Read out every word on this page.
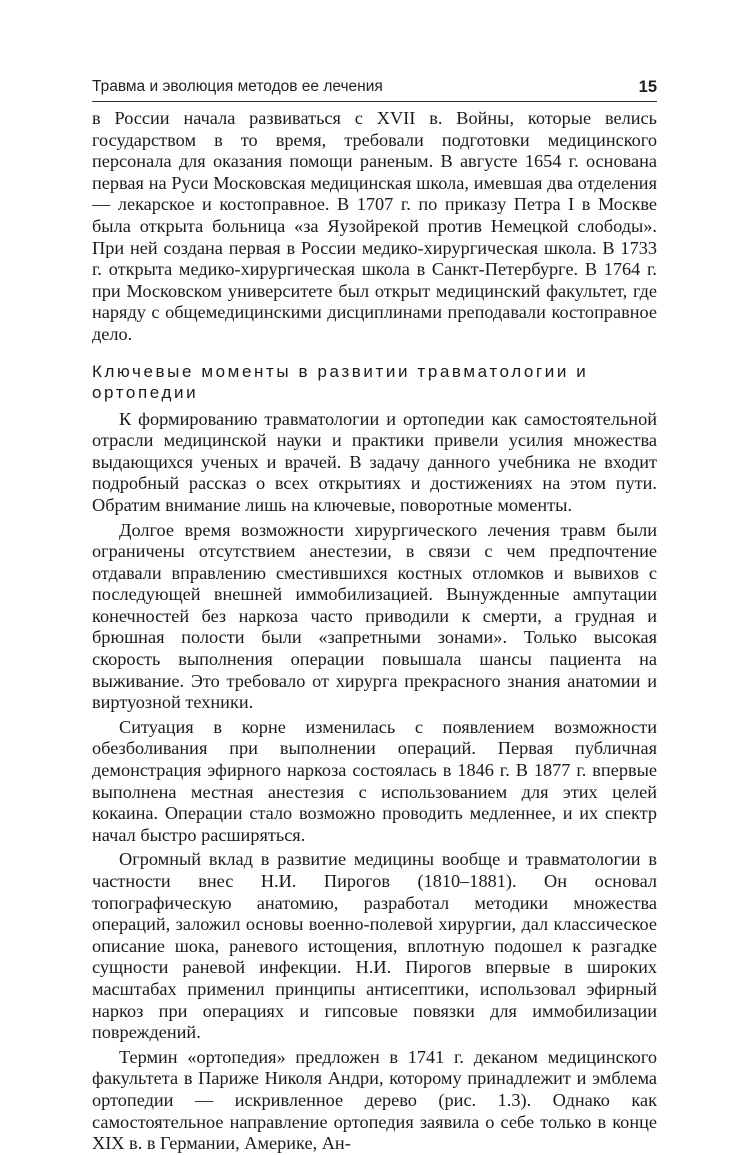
Травма и эволюция методов ее лечения	15

в России начала развиваться с XVII в. Войны, которые велись государством в то время, требовали подготовки медицинского персонала для оказания помощи раненым. В августе 1654 г. основана первая на Руси Московская медицинская школа, имевшая два отделения — лекарское и костоправное. В 1707 г. по приказу Петра I в Москве была открыта больница «за Яузойрекой против Немецкой слободы». При ней создана первая в России медико-хирургическая школа. В 1733 г. открыта медико-хирургическая школа в Санкт-Петербурге. В 1764 г. при Московском университете был открыт медицинский факультет, где наряду с общемедицинскими дисциплинами преподавали костоправное дело.

Ключевые моменты в развитии травматологии и ортопедии

К формированию травматологии и ортопедии как самостоятельной отрасли медицинской науки и практики привели усилия множества выдающихся ученых и врачей. В задачу данного учебника не входит подробный рассказ о всех открытиях и достижениях на этом пути. Обратим внимание лишь на ключевые, поворотные моменты.

Долгое время возможности хирургического лечения травм были ограничены отсутствием анестезии, в связи с чем предпочтение отдавали вправлению сместившихся костных отломков и вывихов с последующей внешней иммобилизацией. Вынужденные ампутации конечностей без наркоза часто приводили к смерти, а грудная и брюшная полости были «запретными зонами». Только высокая скорость выполнения операции повышала шансы пациента на выживание. Это требовало от хирурга прекрасного знания анатомии и виртуозной техники.

Ситуация в корне изменилась с появлением возможности обезболивания при выполнении операций. Первая публичная демонстрация эфирного наркоза состоялась в 1846 г. В 1877 г. впервые выполнена местная анестезия с использованием для этих целей кокаина. Операции стало возможно проводить медленнее, и их спектр начал быстро расширяться.

Огромный вклад в развитие медицины вообще и травматологии в частности внес Н.И. Пирогов (1810–1881). Он основал топографическую анатомию, разработал методики множества операций, заложил основы военно-полевой хирургии, дал классическое описание шока, раневого истощения, вплотную подошел к разгадке сущности раневой инфекции. Н.И. Пирогов впервые в широких масштабах применил принципы антисептики, использовал эфирный наркоз при операциях и гипсовые повязки для иммобилизации повреждений.

Термин «ортопедия» предложен в 1741 г. деканом медицинского факультета в Париже Николя Андри, которому принадлежит и эмблема ортопедии — искривленное дерево (рис. 1.3). Однако как самостоятельное направление ортопедия заявила о себе только в конце XIX в. в Германии, Америке, Ан-
